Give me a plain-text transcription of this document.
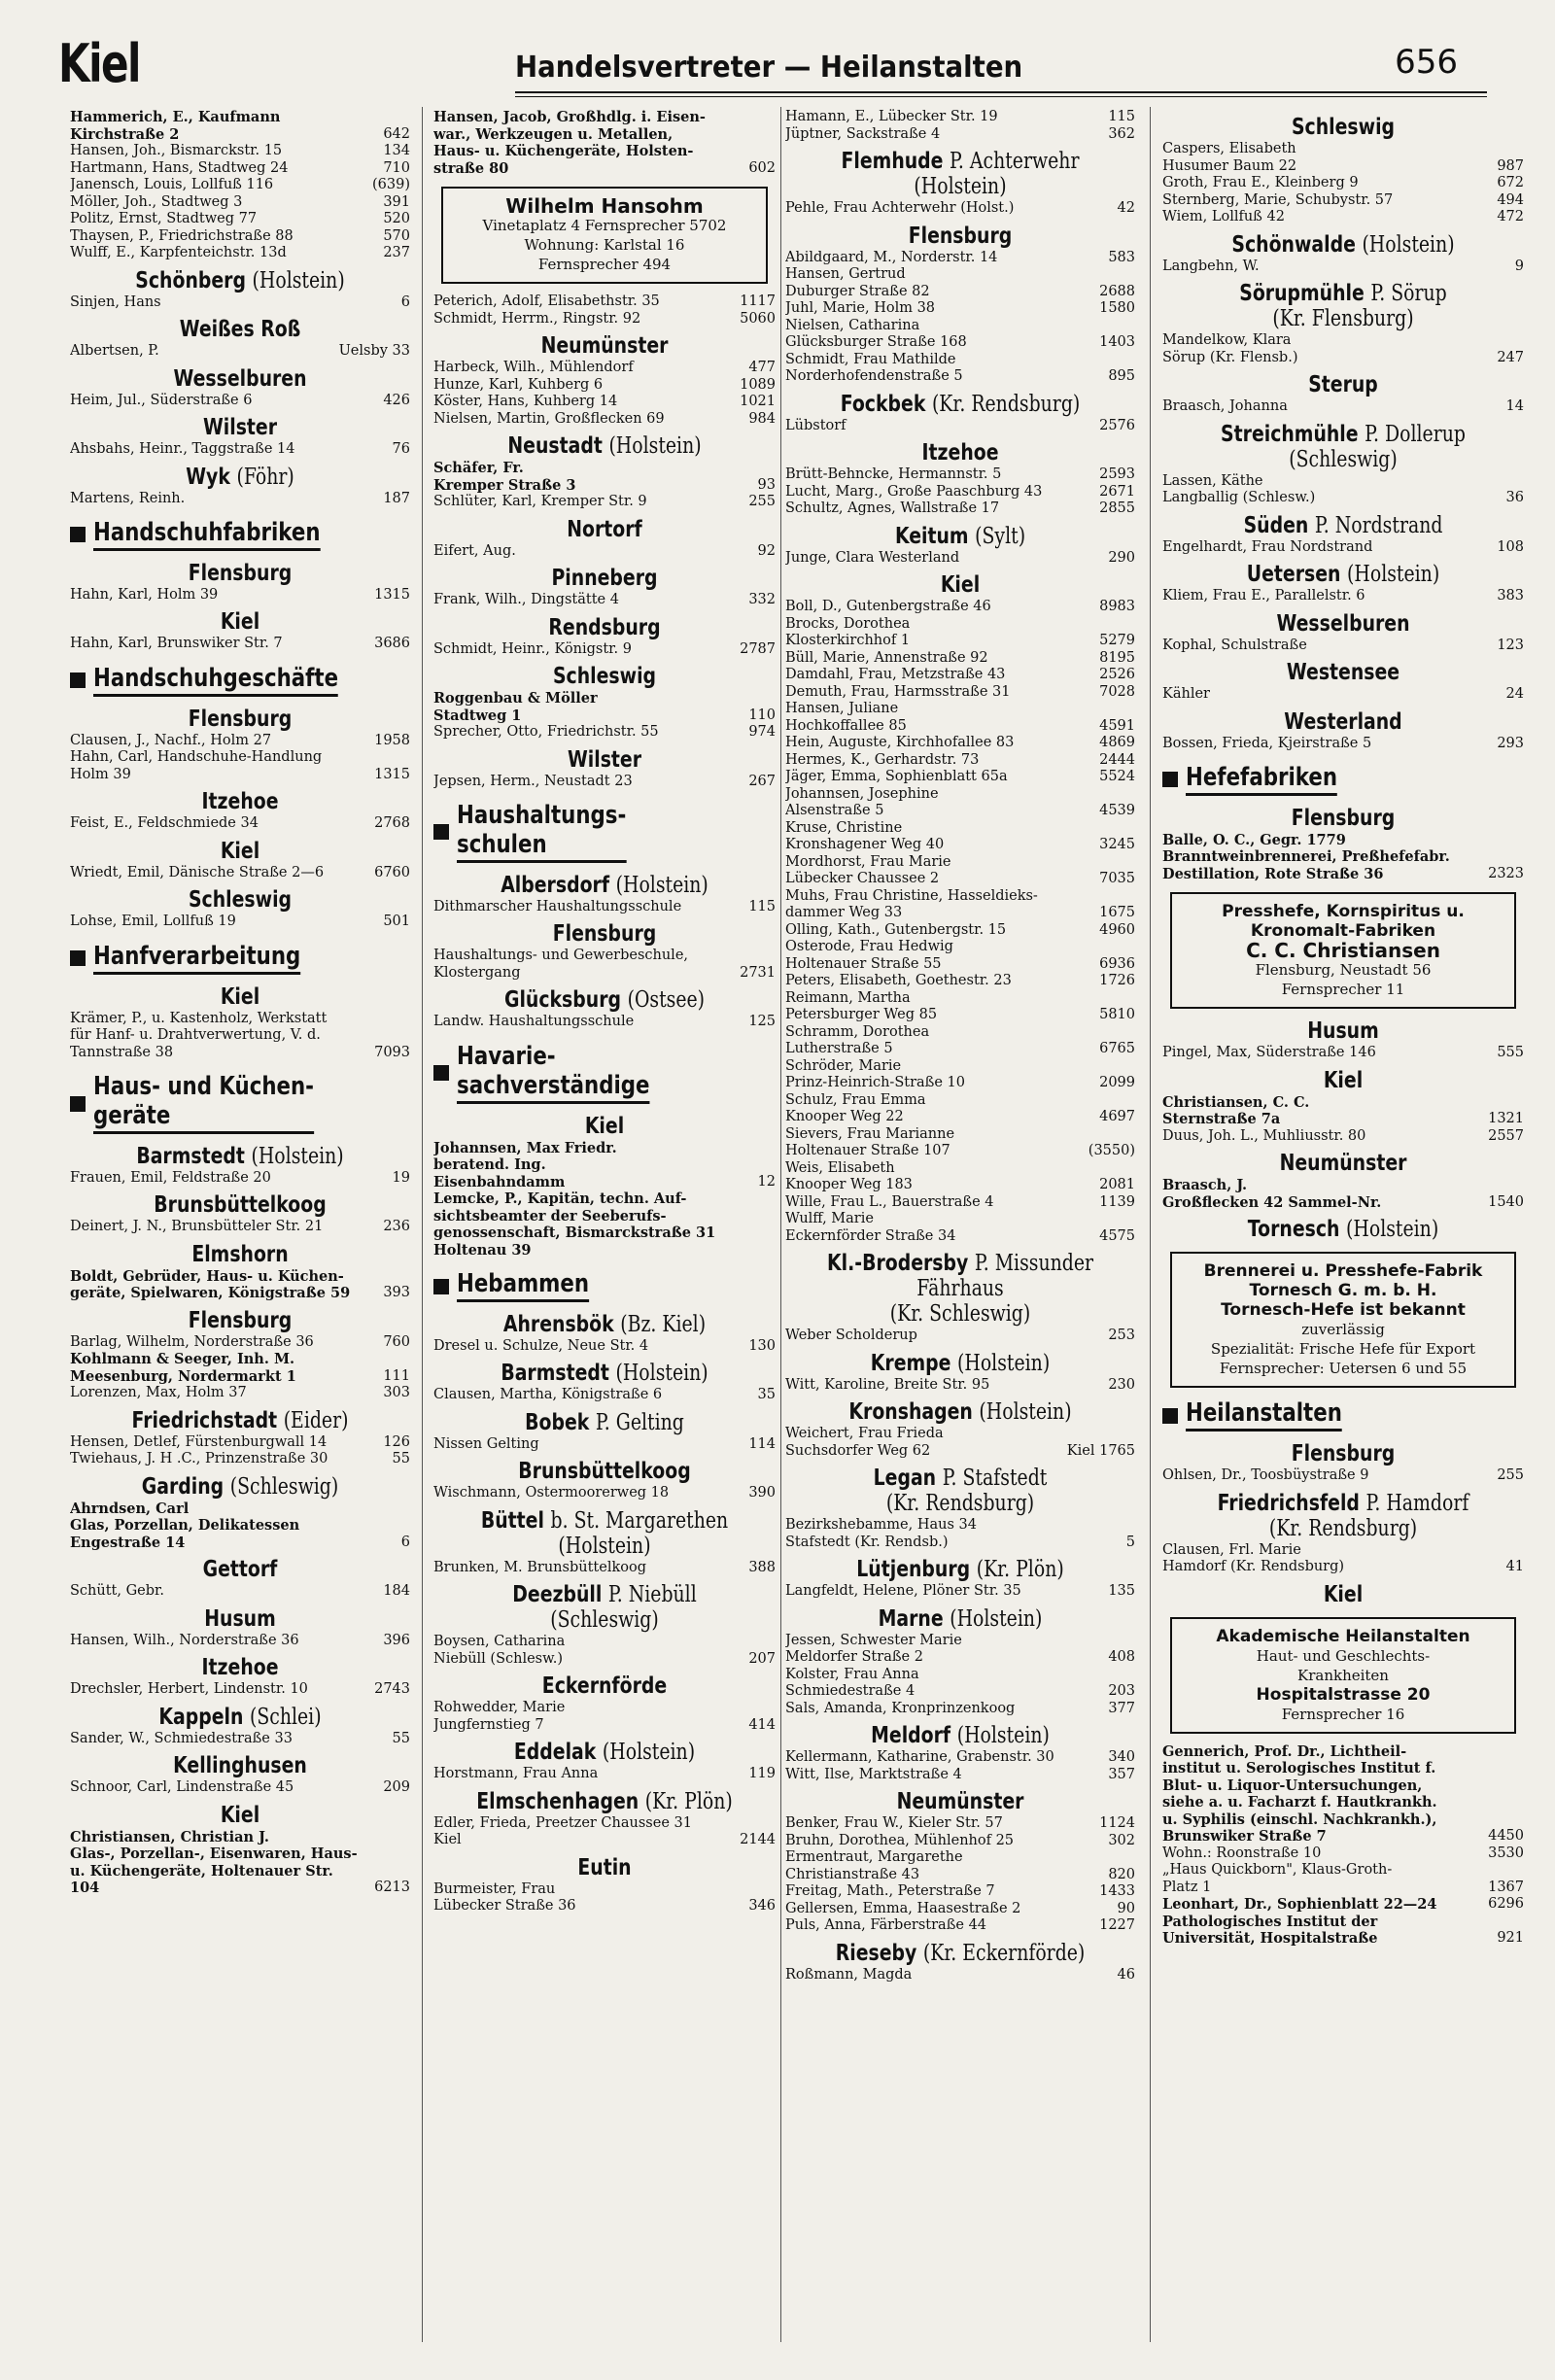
Kiel	Handelsvertreter — Heilanstalten	656
Hammerich, E., Kaufmann
Kirchstraße 2	642
Hansen, Joh., Bismarckstr. 15	134
Hartmann, Hans, Stadtweg 24	710
Janensch, Louis, Lollfuß 116	(639)
Möller, Joh., Stadtweg 3	391
Politz, Ernst, Stadtweg 77	520
Thaysen, P., Friedrichstraße 88	570
Wulff, E., Karpfenteichstr. 13d	237
Schönberg (Holstein)
Sinjen, Hans	6
Weißes Roß
Albertsen, P.	Uelsby 33
Wesselburen
Heim, Jul., Süderstraße 6	426
Wilster
Ahsbahs, Heinr., Taggstraße 14	76
Wyk (Föhr)
Martens, Reinh.	187
Handschuhfabriken
Flensburg
Hahn, Karl, Holm 39	1315
Kiel
Hahn, Karl, Brunswiker Str. 7	3686
Handschuhgeschäfte
Flensburg
Clausen, J., Nachf., Holm 27	1958
Hahn, Carl, Handschuhe-Handlung
Holm 39	1315
Itzehoe
Feist, E., Feldschmiede 34	2768
Kiel
Wriedt, Emil, Dänische Straße 2—6	6760
Schleswig
Lohse, Emil, Lollfuß 19	501
Hanfverarbeitung
Kiel
Krämer, P., u. Kastenholz, Werkstatt
für Hanf- u. Drahtverwertung, V. d.
Tannstraße 38	7093
Haus- und Küchen-
geräte
Barmstedt (Holstein)
Frauen, Emil, Feldstraße 20	19
Brunsbüttelkoog
Deinert, J. N., Brunsbütteler Str. 21	236
Elmshorn
Boldt, Gebrüder, Haus- u. Küchen-
geräte, Spielwaren, Königstraße 59	393
Flensburg
Barlag, Wilhelm, Norderstraße 36	760
Kohlmann & Seeger, Inh. M.
Meesenburg, Nordermarkt 1	111
Lorenzen, Max, Holm 37	303
Friedrichstadt (Eider)
Hensen, Detlef, Fürstenburgwall 14	126
Twiehaus, J. H .C., Prinzenstraße 30	55
Garding (Schleswig)
Ahrndsen, Carl
Glas, Porzellan, Delikatessen
Engestraße 14	6
Gettorf
Schütt, Gebr.	184
Husum
Hansen, Wilh., Norderstraße 36	396
Itzehoe
Drechsler, Herbert, Lindenstr. 10	2743
Kappeln (Schlei)
Sander, W., Schmiedestraße 33	55
Kellinghusen
Schnoor, Carl, Lindenstraße 45	209
Kiel
Christiansen, Christian J.
Glas-, Porzellan-, Eisenwaren, Haus-
u. Küchengeräte, Holtenauer Str.
104	6213
Hansen, Jacob, Großhdlg. i. Eisen-
war., Werkzeugen u. Metallen,
Haus- u. Küchengeräte, Holsten-
straße 80	602
Wilhelm Hansohm
Vinetaplatz 4 Fernsprecher 5702
Wohnung: Karlstal 16
Fernsprecher 494
Peterich, Adolf, Elisabethstr. 35	1117
Schmidt, Herrm., Ringstr. 92	5060
Neumünster
Harbeck, Wilh., Mühlendorf	477
Hunze, Karl, Kuhberg 6	1089
Köster, Hans, Kuhberg 14	1021
Nielsen, Martin, Großflecken 69	984
Neustadt (Holstein)
Schäfer, Fr.
Kremper Straße 3	93
Schlüter, Karl, Kremper Str. 9	255
Nortorf
Eifert, Aug.	92
Pinneberg
Frank, Wilh., Dingstätte 4	332
Rendsburg
Schmidt, Heinr., Königstr. 9	2787
Schleswig
Roggenbau & Möller
Stadtweg 1	110
Sprecher, Otto, Friedrichstr. 55	974
Wilster
Jepsen, Herm., Neustadt 23	267
Haushaltungs-
schulen
Albersdorf (Holstein)
Dithmarscher Haushaltungsschule	115
Flensburg
Haushaltungs- und Gewerbeschule,
Klostergang	2731
Glücksburg (Ostsee)
Landw. Haushaltungsschule	125
Havarie-
sachverständige
Kiel
Johannsen, Max Friedr.
beratend. Ing.
Eisenbahndamm	12
Lemcke, P., Kapitän, techn. Auf-
sichtsbeamter der Seeberufs-
genossenschaft, Bismarckstraße 31
Holtenau 39
Hebammen
Ahrensbök (Bz. Kiel)
Dresel u. Schulze, Neue Str. 4	130
Barmstedt (Holstein)
Clausen, Martha, Königstraße 6	35
Bobek P. Gelting
Nissen Gelting	114
Brunsbüttelkoog
Wischmann, Ostermoorerweg 18	390
Büttel b. St. Margarethen
(Holstein)
Brunken, M. Brunsbüttelkoog	388
Deezbüll P. Niebüll
(Schleswig)
Boysen, Catharina
Niebüll (Schlesw.)	207
Eckernförde
Rohwedder, Marie
Jungfernstieg 7	414
Eddelak (Holstein)
Horstmann, Frau Anna	119
Elmschenhagen (Kr. Plön)
Edler, Frieda, Preetzer Chaussee 31
Kiel	2144
Eutin
Burmeister, Frau
Lübecker Straße 36	346
Hamann, E., Lübecker Str. 19	115
Jüptner, Sackstraße 4	362
Flemhude P. Achterwehr
(Holstein)
Pehle, Frau Achterwehr (Holst.)	42
Flensburg
Abildgaard, M., Norderstr. 14	583
Hansen, Gertrud
Duburger Straße 82	2688
Juhl, Marie, Holm 38	1580
Nielsen, Catharina
Glücksburger Straße 168	1403
Schmidt, Frau Mathilde
Norderhofendenstraße 5	895
Fockbek (Kr. Rendsburg)
Lübstorf	2576
Itzehoe
Brütt-Behncke, Hermannstr. 5	2593
Lucht, Marg., Große Paaschburg 43	2671
Schultz, Agnes, Wallstraße 17	2855
Keitum (Sylt)
Junge, Clara Westerland	290
Kiel
Boll, D., Gutenbergstraße 46	8983
Brocks, Dorothea
Klosterkirchhof 1	5279
Büll, Marie, Annenstraße 92	8195
Damdahl, Frau, Metzstraße 43	2526
Demuth, Frau, Harmsstraße 31	7028
Hansen, Juliane
Hochkoffallee 85	4591
Hein, Auguste, Kirchhofallee 83	4869
Hermes, K., Gerhardstr. 73	2444
Jäger, Emma, Sophienblatt 65a	5524
Johannsen, Josephine
Alsenstraße 5	4539
Kruse, Christine
Kronshagener Weg 40	3245
Mordhorst, Frau Marie
Lübecker Chaussee 2	7035
Muhs, Frau Christine, Hasseldieks-
dammer Weg 33	1675
Olling, Kath., Gutenbergstr. 15	4960
Osterode, Frau Hedwig
Holtenauer Straße 55	6936
Peters, Elisabeth, Goethestr. 23	1726
Reimann, Martha
Petersburger Weg 85	5810
Schramm, Dorothea
Lutherstraße 5	6765
Schröder, Marie
Prinz-Heinrich-Straße 10	2099
Schulz, Frau Emma
Knooper Weg 22	4697
Sievers, Frau Marianne
Holtenauer Straße 107	(3550)
Weis, Elisabeth
Knooper Weg 183	2081
Wille, Frau L., Bauerstraße 4	1139
Wulff, Marie
Eckernförder Straße 34	4575
Kl.-Brodersby P. Missunder Fährhaus
(Kr. Schleswig)
Weber Scholderup	253
Krempe (Holstein)
Witt, Karoline, Breite Str. 95	230
Kronshagen (Holstein)
Weichert, Frau Frieda
Suchsdorfer Weg 62	Kiel 1765
Legan P. Stafstedt
(Kr. Rendsburg)
Bezirkshebamme, Haus 34
Stafstedt (Kr. Rendsb.)	5
Lütjenburg (Kr. Plön)
Langfeldt, Helene, Plöner Str. 35	135
Marne (Holstein)
Jessen, Schwester Marie
Meldorfer Straße 2	408
Kolster, Frau Anna
Schmiedestraße 4	203
Sals, Amanda, Kronprinzenkoog	377
Meldorf (Holstein)
Kellermann, Katharine, Grabenstr. 30	340
Witt, Ilse, Marktstraße 4	357
Neumünster
Benker, Frau W., Kieler Str. 57	1124
Bruhn, Dorothea, Mühlenhof 25	302
Ermentraut, Margarethe
Christianstraße 43	820
Freitag, Math., Peterstraße 7	1433
Gellersen, Emma, Haasestraße 2	90
Puls, Anna, Färberstraße 44	1227
Rieseby (Kr. Eckernförde)
Roßmann, Magda	46
Schleswig
Caspers, Elisabeth
Husumer Baum 22	987
Groth, Frau E., Kleinberg 9	672
Sternberg, Marie, Schubystr. 57	494
Wiem, Lollfuß 42	472
Schönwalde (Holstein)
Langbehn, W.	9
Sörupmühle P. Sörup
(Kr. Flensburg)
Mandelkow, Klara
Sörup (Kr. Flensb.)	247
Sterup
Braasch, Johanna	14
Streichmühle P. Dollerup
(Schleswig)
Lassen, Käthe
Langballig (Schlesw.)	36
Süden P. Nordstrand
Engelhardt, Frau Nordstrand	108
Uetersen (Holstein)
Kliem, Frau E., Parallelstr. 6	383
Wesselburen
Kophal, Schulstraße	123
Westensee
Kähler	24
Westerland
Bossen, Frieda, Kjeirstraße 5	293
Hefefabriken
Flensburg
Balle, O. C., Gegr. 1779
Branntweinbrennerei, Preßhefefabr.
Destillation, Rote Straße 36	2323
Presshefe, Kornspiritus u.
Kronomalt-Fabriken
C. C. Christiansen
Flensburg, Neustadt 56
Fernsprecher 11
Husum
Pingel, Max, Süderstraße 146	555
Kiel
Christiansen, C. C.
Sternstraße 7a	1321
Duus, Joh. L., Muhliusstr. 80	2557
Neumünster
Braasch, J.
Großflecken 42 Sammel-Nr.	1540
Tornesch (Holstein)
Brennerei u. Presshefe-Fabrik
Tornesch G. m. b. H.
Tornesch-Hefe ist bekannt
zuverlässig
Spezialität: Frische Hefe für Export
Fernsprecher: Uetersen 6 und 55
Heilanstalten
Flensburg
Ohlsen, Dr., Toosbüystraße 9	255
Friedrichsfeld P. Hamdorf
(Kr. Rendsburg)
Clausen, Frl. Marie
Hamdorf (Kr. Rendsburg)	41
Kiel
Akademische Heilanstalten
Haut- und Geschlechts-
Krankheiten
Hospitalstrasse 20
Fernsprecher 16
Gennerich, Prof. Dr., Lichtheil-
institut u. Serologisches Institut f.
Blut- u. Liquor-Untersuchungen,
siehe a. u. Facharzt f. Hautkrankh.
u. Syphilis (einschl. Nachkrankh.),
Brunswiker Straße 7	4450
Wohn.: Roonstraße 10	3530
„Haus Quickborn", Klaus-Groth-
Platz 1	1367
Leonhart, Dr., Sophienblatt 22—24	6296
Pathologisches Institut der
Universität, Hospitalstraße	921
